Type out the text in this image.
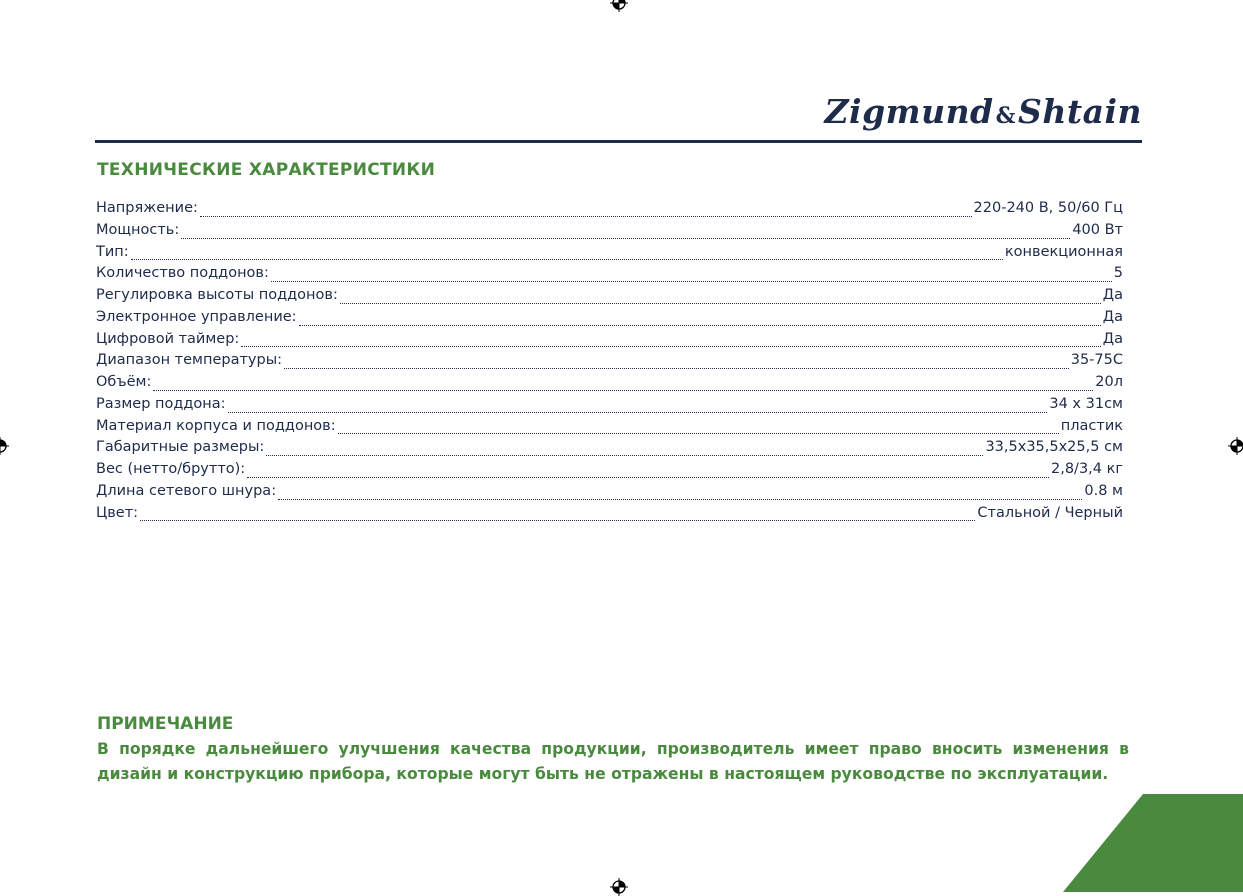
Zigmund&Shtain
ТЕХНИЧЕСКИЕ ХАРАКТЕРИСТИКИ
Напряжение:	220-240 В, 50/60 Гц
Мощность:	400 Вт
Тип:	конвекционная
Количество поддонов:	5
Регулировка высоты поддонов:	Да
Электронное управление:	Да
Цифровой таймер:	Да
Диапазон температуры:	35-75С
Объём:	20л
Размер поддона:	34 х 31см
Материал корпуса и поддонов:	пластик
Габаритные размеры:	33,5х35,5х25,5 см
Вес (нетто/брутто):	2,8/3,4 кг
Длина сетевого шнура:	0.8 м
Цвет:	Стальной / Черный
ПРИМЕЧАНИЕ
В порядке дальнейшего улучшения качества продукции, производитель имеет право вносить изменения в дизайн и конструкцию прибора, которые могут быть не отражены в настоящем руководстве по эксплуатации.
